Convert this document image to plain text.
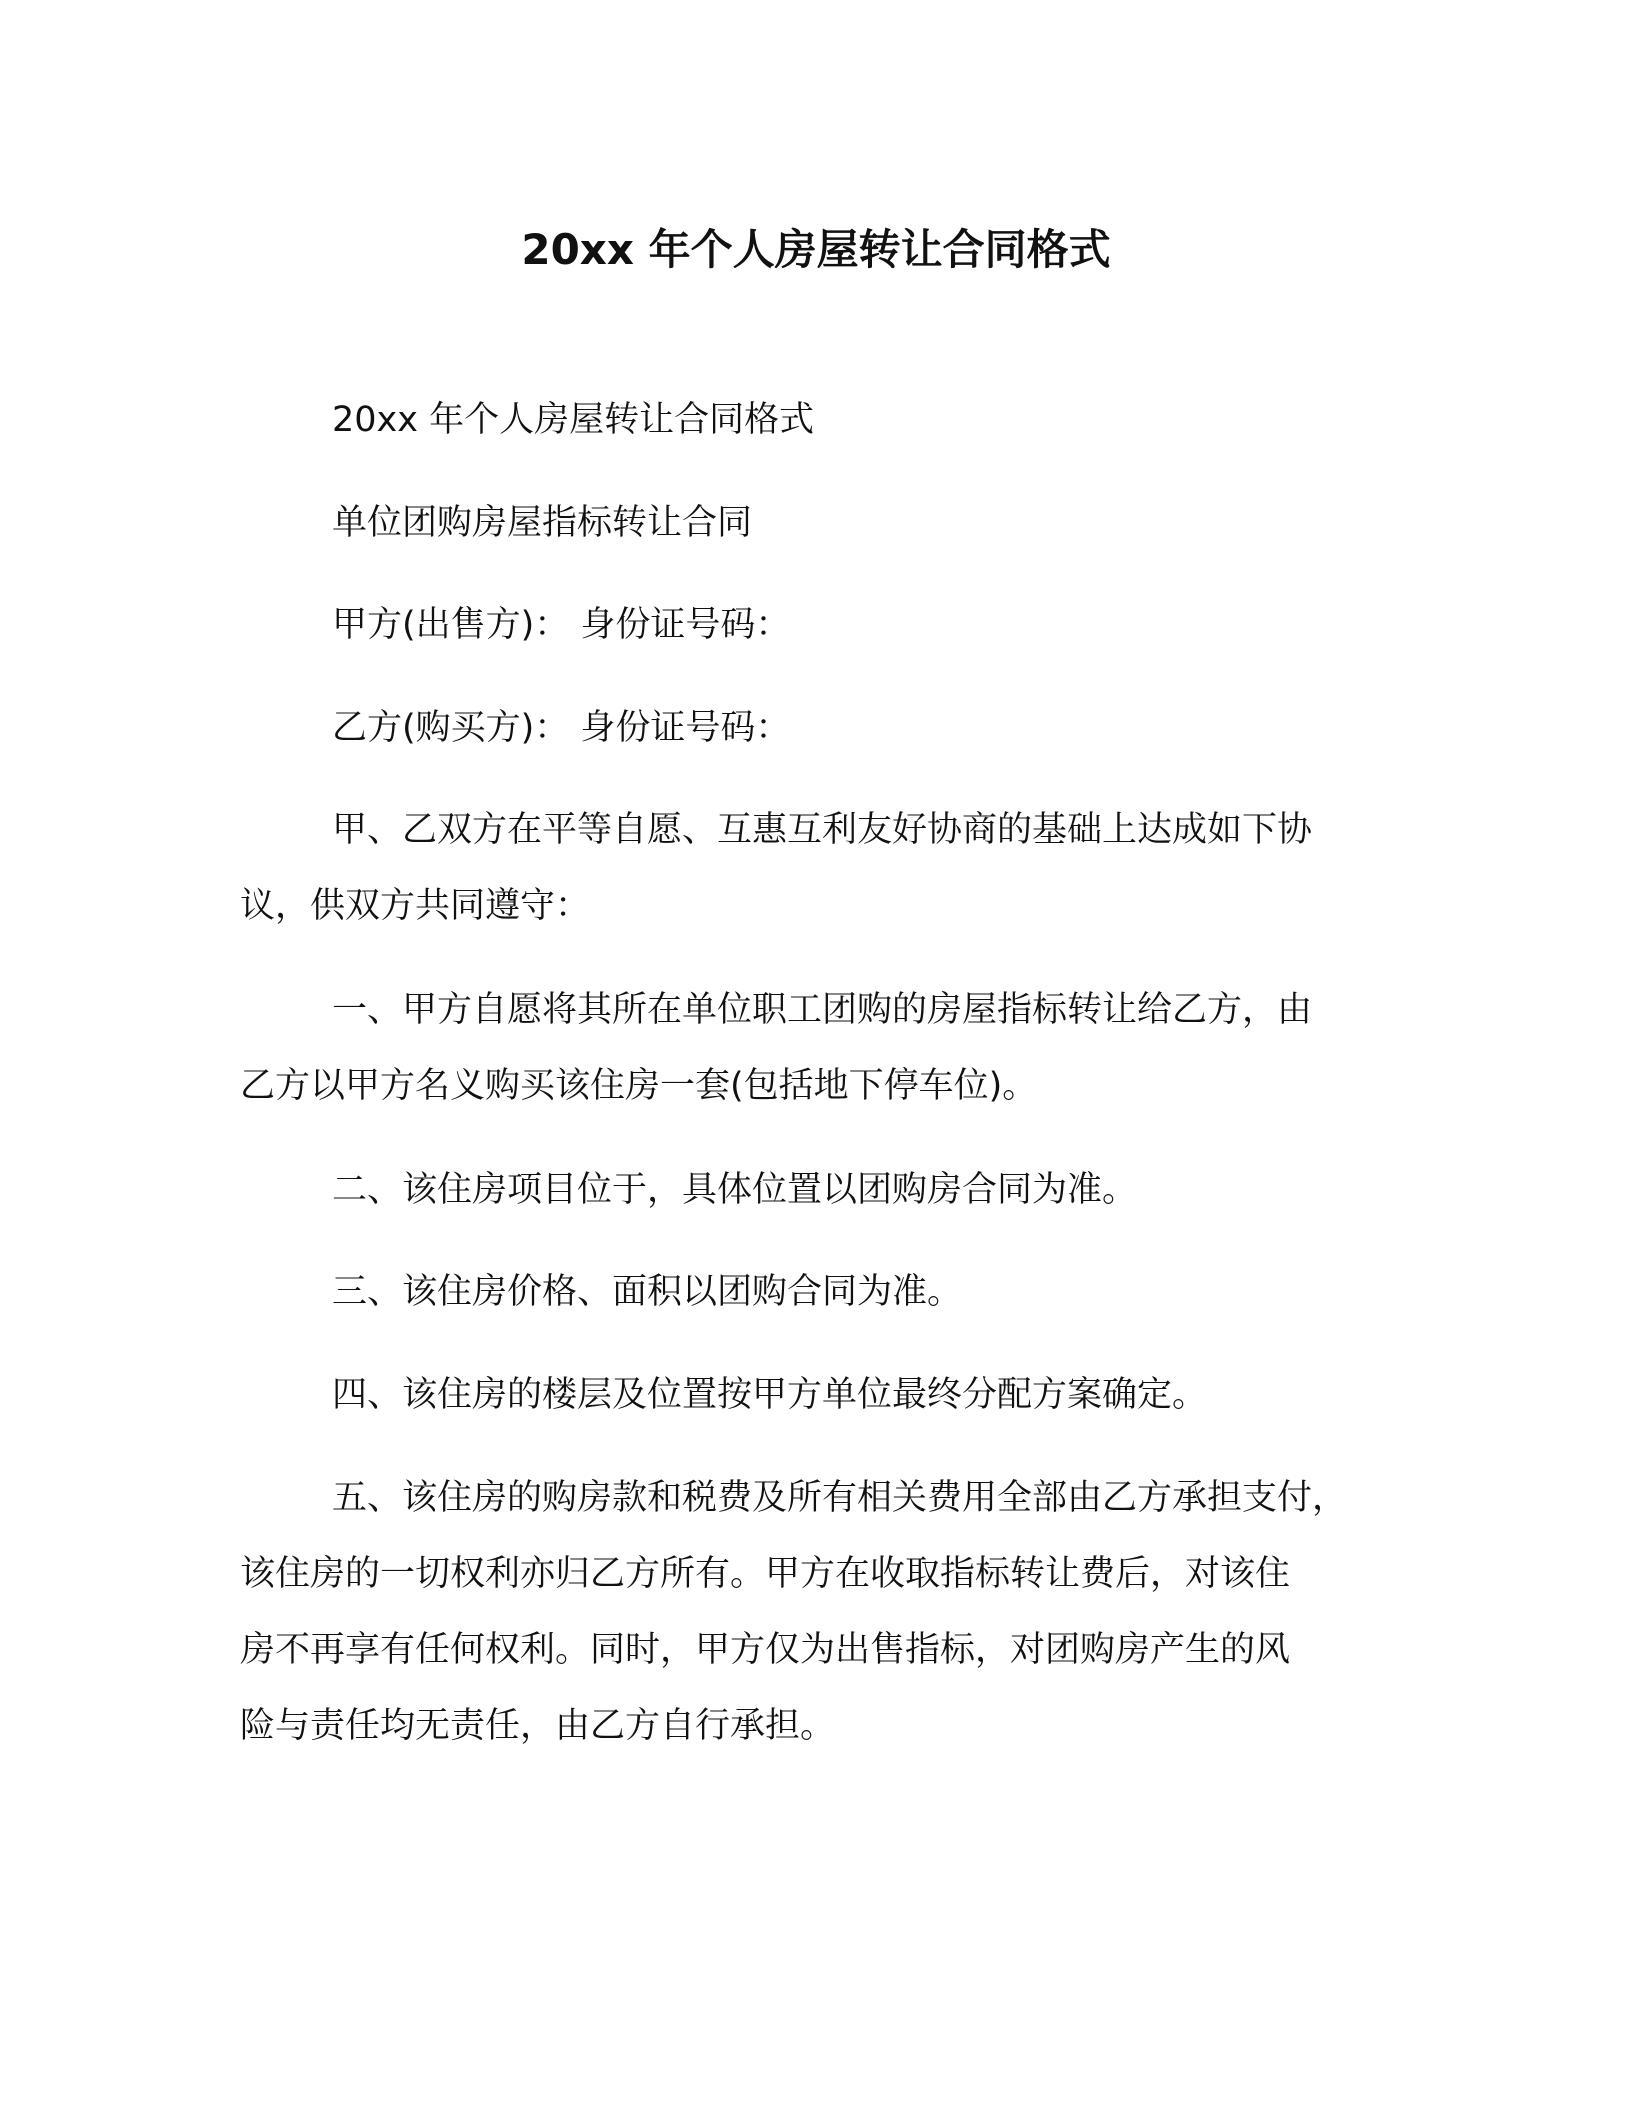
20xx 年个人房屋转让合同格式
20xx 年个人房屋转让合同格式
单位团购房屋指标转让合同
甲方(出售方)： 身份证号码：
乙方(购买方)： 身份证号码：
甲、乙双方在平等自愿、互惠互利友好协商的基础上达成如下协
议，供双方共同遵守：
一、甲方自愿将其所在单位职工团购的房屋指标转让给乙方，由
乙方以甲方名义购买该住房一套(包括地下停车位)。
二、该住房项目位于，具体位置以团购房合同为准。
三、该住房价格、面积以团购合同为准。
四、该住房的楼层及位置按甲方单位最终分配方案确定。
五、该住房的购房款和税费及所有相关费用全部由乙方承担支付，
该住房的一切权利亦归乙方所有。甲方在收取指标转让费后，对该住
房不再享有任何权利。同时，甲方仅为出售指标，对团购房产生的风
险与责任均无责任，由乙方自行承担。
